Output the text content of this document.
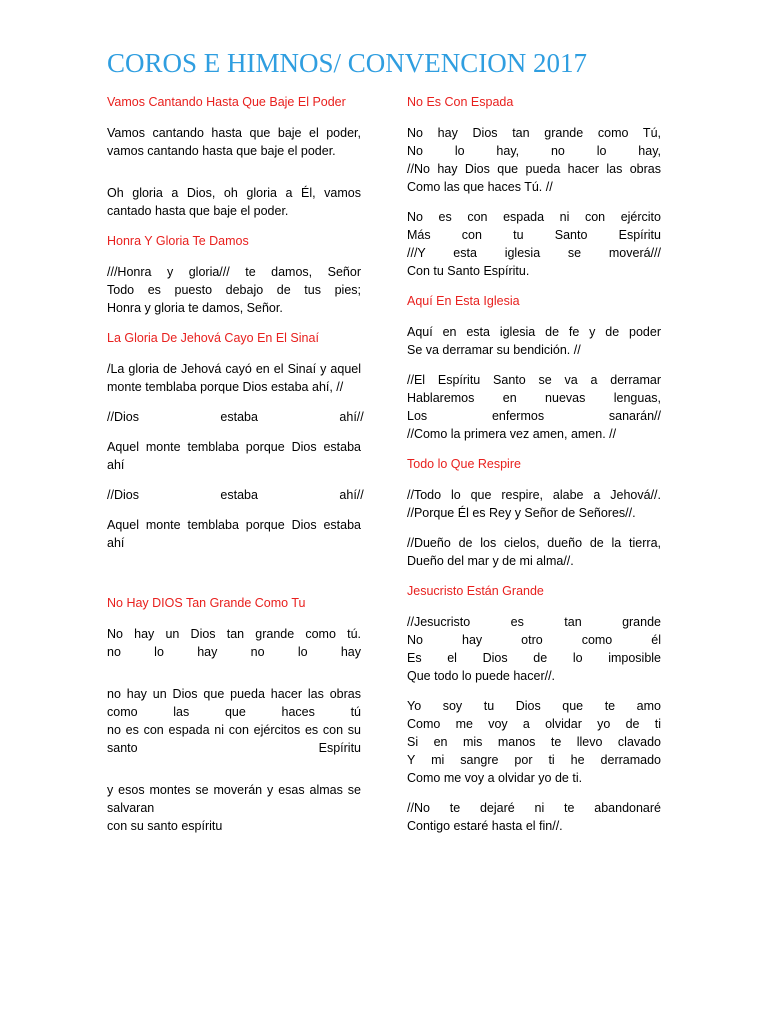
COROS E HIMNOS/ CONVENCION 2017
Vamos Cantando Hasta Que Baje El Poder
Vamos cantando hasta que baje el poder,
vamos cantando hasta que baje el poder.
Oh gloria a Dios, oh gloria a Él, vamos
cantado hasta que baje el poder.
Honra Y Gloria Te Damos
///Honra y gloria/// te damos, Señor
Todo es puesto debajo de tus pies;
Honra y gloria te damos, Señor.
La Gloria De Jehová Cayo En El Sinaí
/La gloria de Jehová cayó en el Sinaí y aquel
monte temblaba porque Dios estaba ahí, //
//Dios estaba ahí//
Aquel monte temblaba porque Dios estaba
ahí
//Dios estaba ahí//
Aquel monte temblaba porque Dios estaba
ahí
No Hay DIOS Tan Grande Como Tu
No hay un Dios tan grande como tú.
no lo hay no lo hay
no hay un Dios que pueda hacer las obras
como las que haces tú
no es con espada ni con ejércitos es con su
santo Espíritu
y esos montes se moverán y esas almas se
salvaran
con su santo espíritu
No Es Con Espada
No hay Dios tan grande como Tú,
No lo hay, no lo hay,
//No hay Dios que pueda hacer las obras
Como las que haces Tú. //
No es con espada ni con ejército
Más con tu Santo Espíritu
///Y esta iglesia se moverá///
Con tu Santo Espíritu.
Aquí En Esta Iglesia
Aquí en esta iglesia de fe y de poder
Se va derramar su bendición. //
//El Espíritu Santo se va a derramar
Hablaremos en nuevas lenguas,
Los enfermos sanarán//
//Como la primera vez amen, amen. //
Todo lo Que Respire
//Todo lo que respire, alabe a Jehová//.
//Porque Él es Rey y Señor de Señores//.
//Dueño de los cielos, dueño de la tierra,
Dueño del mar y de mi alma//.
Jesucristo Están Grande
//Jesucristo es tan grande
No hay otro como él
Es el Dios de lo imposible
Que todo lo puede hacer//.
Yo soy tu Dios que te amo
Como me voy a olvidar yo de ti
Si en mis manos te llevo clavado
Y mi sangre por ti he derramado
Como me voy a olvidar yo de ti.
//No te dejaré ni te abandonaré
Contigo estaré hasta el fin//.
